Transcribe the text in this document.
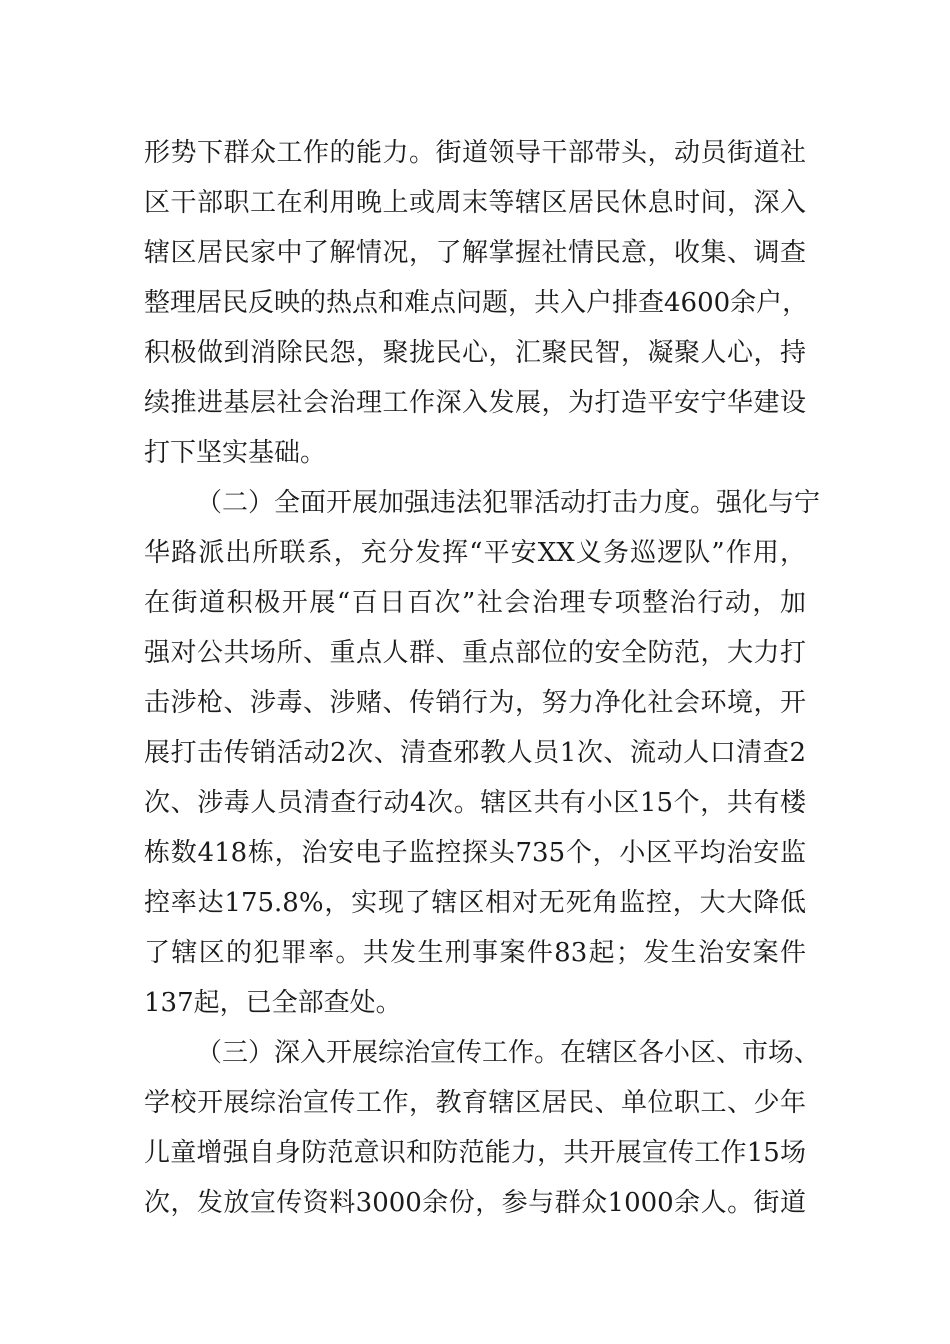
形势下群众工作的能力。街道领导干部带头，动员街道社
区干部职工在利用晚上或周末等辖区居民休息时间，深入
辖区居民家中了解情况，了解掌握社情民意，收集、调查
整理居民反映的热点和难点问题，共入户排查4600余户，
积极做到消除民怨，聚拢民心，汇聚民智，凝聚人心，持
续推进基层社会治理工作深入发展，为打造平安宁华建设
打下坚实基础。
（二）全面开展加强违法犯罪活动打击力度。强化与宁
华路派出所联系，充分发挥“平安XX义务巡逻队”作用，
在街道积极开展“百日百次”社会治理专项整治行动，加
强对公共场所、重点人群、重点部位的安全防范，大力打
击涉枪、涉毒、涉赌、传销行为，努力净化社会环境，开
展打击传销活动2次、清查邪教人员1次、流动人口清查2
次、涉毒人员清查行动4次。辖区共有小区15个，共有楼
栋数418栋，治安电子监控探头735个，小区平均治安监
控率达175.8%，实现了辖区相对无死角监控，大大降低
了辖区的犯罪率。共发生刑事案件83起；发生治安案件
137起，已全部查处。
（三）深入开展综治宣传工作。在辖区各小区、市场、
学校开展综治宣传工作，教育辖区居民、单位职工、少年
儿童增强自身防范意识和防范能力，共开展宣传工作15场
次，发放宣传资料3000余份，参与群众1000余人。街道
